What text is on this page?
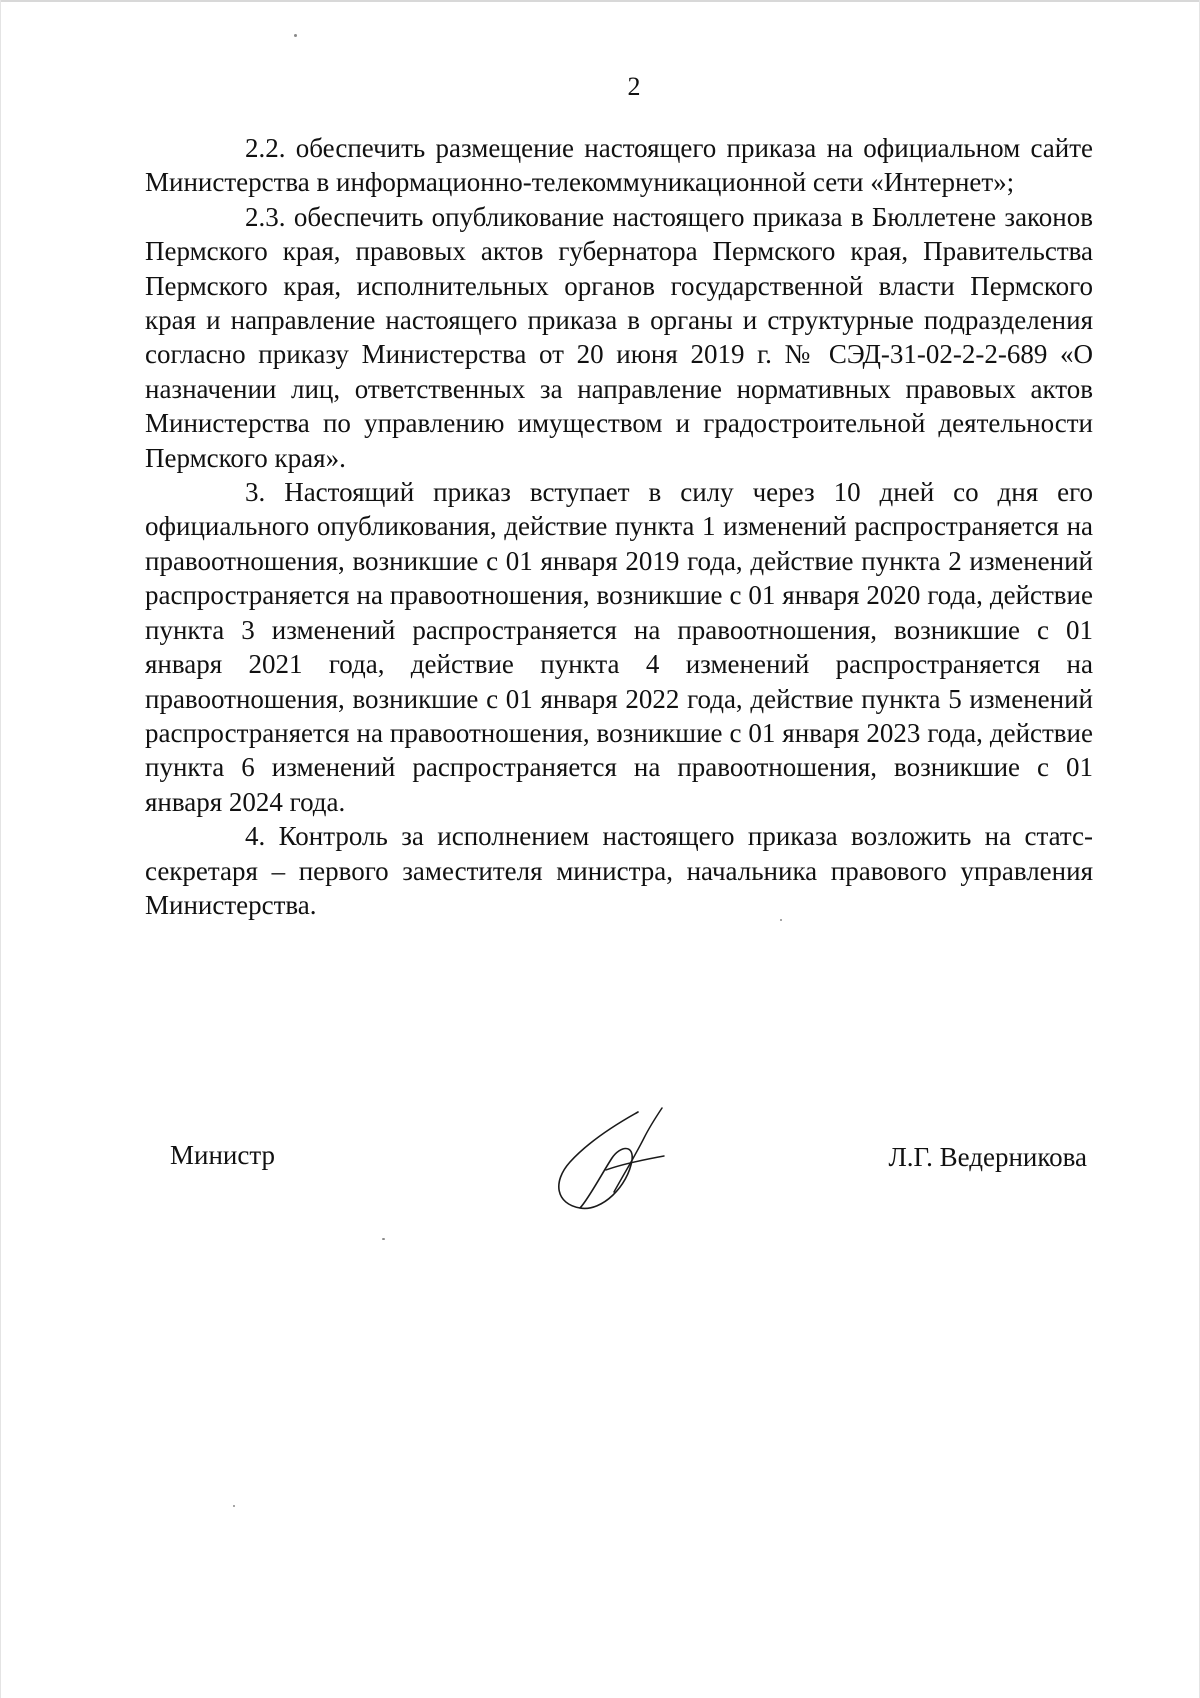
2

2.2. обеспечить размещение настоящего приказа на официальном сайте Министерства в информационно-телекоммуникационной сети «Интернет»;

2.3. обеспечить опубликование настоящего приказа в Бюллетене законов Пермского края, правовых актов губернатора Пермского края, Правительства Пермского края, исполнительных органов государственной власти Пермского края и направление настоящего приказа в органы и структурные подразделения согласно приказу Министерства от 20 июня 2019 г. № СЭД-31-02-2-2-689 «О назначении лиц, ответственных за направление нормативных правовых актов Министерства по управлению имуществом и градостроительной деятельности Пермского края».

3. Настоящий приказ вступает в силу через 10 дней со дня его официального опубликования, действие пункта 1 изменений распространяется на правоотношения, возникшие с 01 января 2019 года, действие пункта 2 изменений распространяется на правоотношения, возникшие с 01 января 2020 года, действие пункта 3 изменений распространяется на правоотношения, возникшие с 01 января 2021 года, действие пункта 4 изменений распространяется на правоотношения, возникшие с 01 января 2022 года, действие пункта 5 изменений распространяется на правоотношения, возникшие с 01 января 2023 года, действие пункта 6 изменений распространяется на правоотношения, возникшие с 01 января 2024 года.

4. Контроль за исполнением настоящего приказа возложить на статс-секретаря – первого заместителя министра, начальника правового управления Министерства.

Министр	Л.Г. Ведерникова
